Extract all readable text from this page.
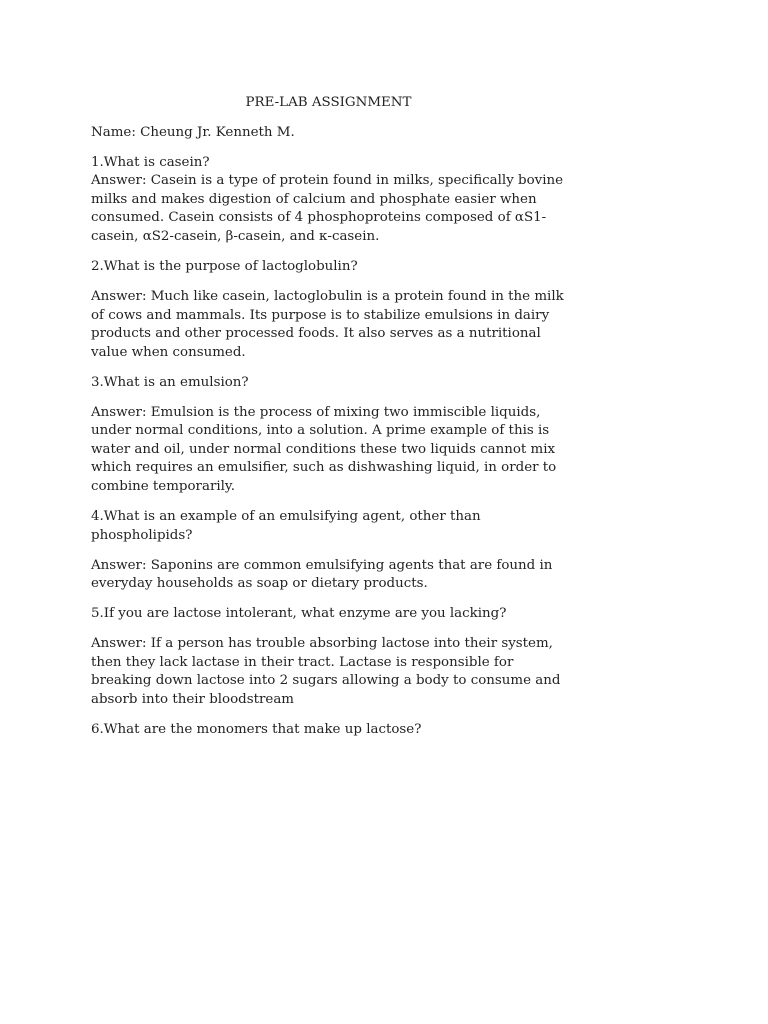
PRE-LAB ASSIGNMENT
Name: Cheung Jr. Kenneth M.
1.What is casein?
Answer: Casein is a type of protein found in milks, specifically bovine milks and makes digestion of calcium and phosphate easier when consumed. Casein consists of 4 phosphoproteins composed of αS1-casein, αS2-casein, β-casein, and κ-casein.
2.What is the purpose of lactoglobulin?
Answer: Much like casein, lactoglobulin is a protein found in the milk of cows and mammals. Its purpose is to stabilize emulsions in dairy products and other processed foods. It also serves as a nutritional value when consumed.
3.What is an emulsion?
Answer: Emulsion is the process of mixing two immiscible liquids, under normal conditions, into a solution. A prime example of this is water and oil, under normal conditions these two liquids cannot mix which requires an emulsifier, such as dishwashing liquid, in order to combine temporarily.
4.What is an example of an emulsifying agent, other than phospholipids?
Answer: Saponins are common emulsifying agents that are found in everyday households as soap or dietary products.
5.If you are lactose intolerant, what enzyme are you lacking?
Answer: If a person has trouble absorbing lactose into their system, then they lack lactase in their tract. Lactase is responsible for breaking down lactose into 2 sugars allowing a body to consume and absorb into their bloodstream
6.What are the monomers that make up lactose?
